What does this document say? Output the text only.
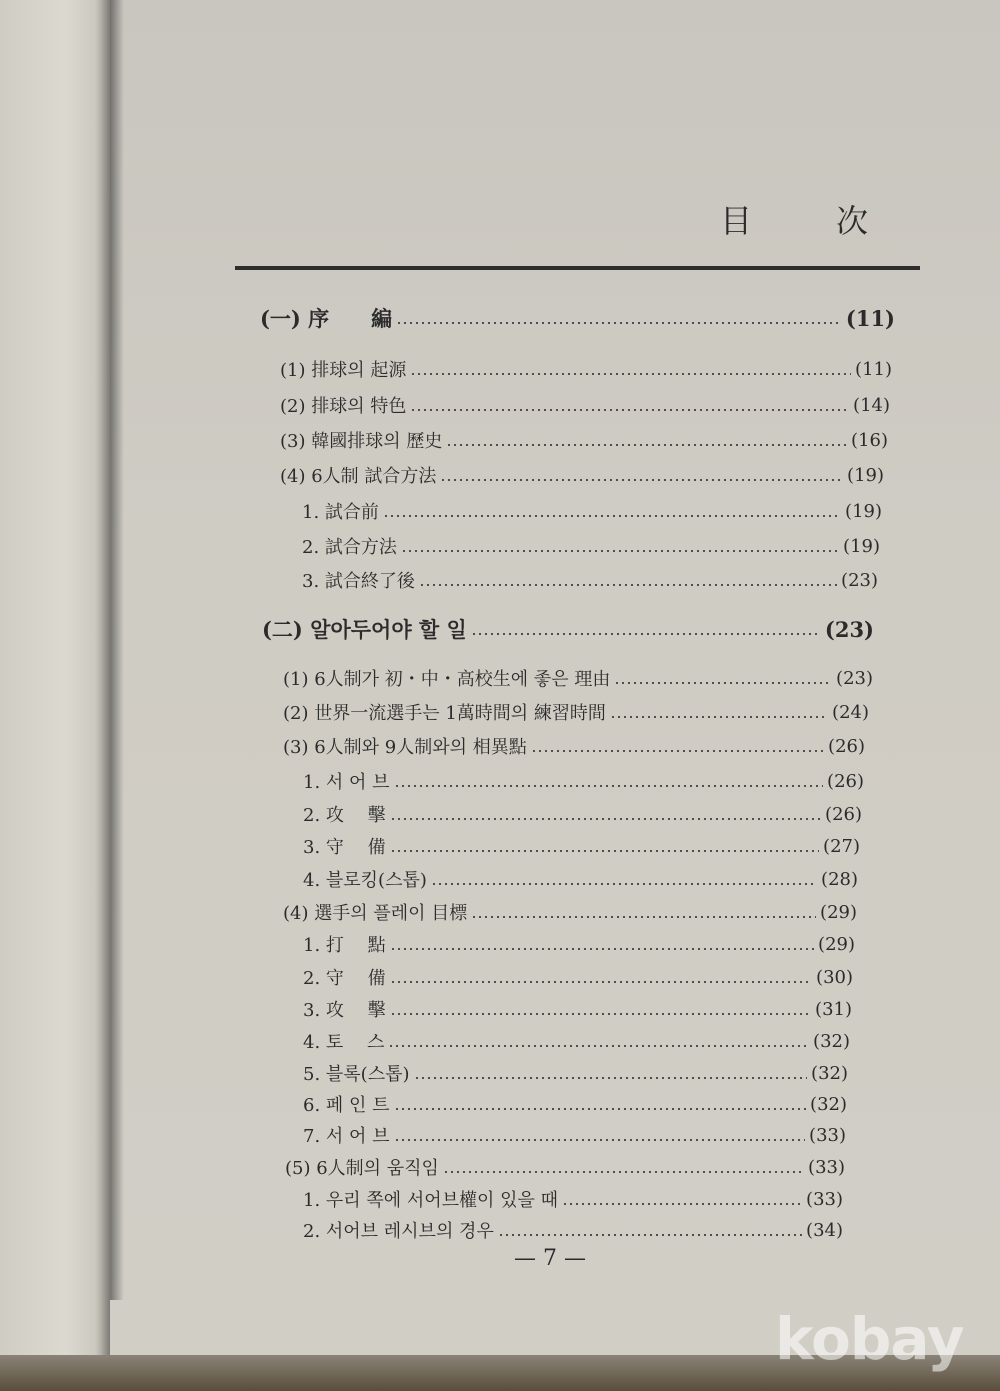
目	次
(一) 序　　編	(11)
(1) 排球의 起源	(11)
(2) 排球의 特色	(14)
(3) 韓國排球의 歷史	(16)
(4) 6人制 試合方法	(19)
1. 試合前	(19)
2. 試合方法	(19)
3. 試合終了後	(23)
(二) 알아두어야 할 일	(23)
(1) 6人制가 初・中・高校生에 좋은 理由	(23)
(2) 世界一流選手는 1萬時間의 練習時間	(24)
(3) 6人制와 9人制와의 相異點	(26)
1. 서 어 브	(26)
2. 攻　 擊	(26)
3. 守　 備	(27)
4. 블로킹(스톱)	(28)
(4) 選手의 플레이 目標	(29)
1. 打　 點	(29)
2. 守　 備	(30)
3. 攻　 擊	(31)
4. 토　 스	(32)
5. 블록(스톱)	(32)
6. 페 인 트	(32)
7. 서 어 브	(33)
(5) 6人制의 움직임	(33)
1. 우리 쪽에 서어브權이 있을 때	(33)
2. 서어브 레시브의 경우	(34)
— 7 —
kobay
